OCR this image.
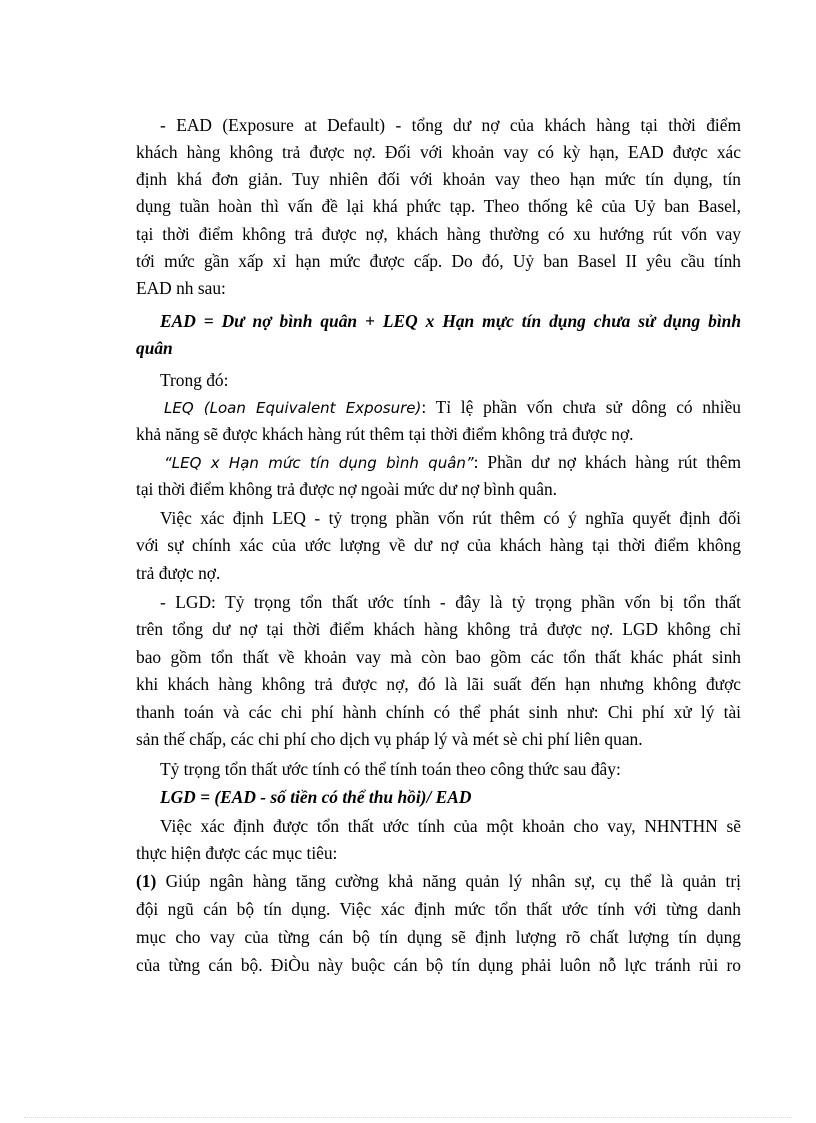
- EAD (Exposure at Default) - tổng dư nợ của khách hàng tại thời điểm

khách hàng không trả được nợ. Đối với khoản vay có kỳ hạn, EAD được xác

định khá đơn giản. Tuy nhiên đối với khoản vay theo hạn mức tín dụng, tín

dụng tuần hoàn thì vấn đề lại khá phức tạp. Theo thống kê của Uỷ ban Basel,

tại thời điểm không trả được nợ, khách hàng thường có xu hướng rút vốn vay

tới mức gần xấp xỉ hạn mức được cấp. Do đó, Uỷ ban Basel II yêu cầu tính

EAD nh sau:

EAD = Dư nợ bình quân + LEQ x Hạn mực tín dụng chưa sử dụng bình

quân

Trong đó:

LEQ (Loan Equivalent Exposure): Tỉ lệ phần vốn chưa sử dông có nhiều

khả năng sẽ được khách hàng rút thêm tại thời điểm không trả được nợ.

“LEQ x Hạn mức tín dụng bình quân”: Phần dư nợ khách hàng rút thêm

tại thời điểm không trả được nợ ngoài mức dư nợ bình quân.

Việc xác định LEQ - tỷ trọng phần vốn rút thêm có ý nghĩa quyết định đối

với sự chính xác của ước lượng về dư nợ của khách hàng tại thời điểm không

trả được nợ.

- LGD: Tỷ trọng tổn thất ước tính - đây là tỷ trọng phần vốn bị tổn thất

trên tổng dư nợ tại thời điểm khách hàng không trả được nợ. LGD không chỉ

bao gồm tổn thất về khoản vay mà còn bao gồm các tổn thất khác phát sinh

khi khách hàng không trả được nợ, đó là lãi suất đến hạn nhưng không được

thanh toán và các chi phí hành chính có thể phát sinh như: Chi phí xử lý tài

sản thế chấp, các chi phí cho dịch vụ pháp lý và mét sè chi phí liên quan.

Tỷ trọng tổn thất ước tính có thể tính toán theo công thức sau đây:

LGD = (EAD - số tiền có thể thu hồi)/ EAD

Việc xác định được tổn thất ước tính của một khoản cho vay, NHNTHN sẽ

thực hiện được các mục tiêu:

(1) Giúp ngân hàng tăng cường khả năng quản lý nhân sự, cụ thể là quản trị

đội ngũ cán bộ tín dụng. Việc xác định mức tổn thất ước tính với từng danh

mục cho vay của từng cán bộ tín dụng sẽ định lượng rõ chất lượng tín dụng

của từng cán bộ. ĐiÒu này buộc cán bộ tín dụng phải luôn nỗ lực tránh rủi ro
